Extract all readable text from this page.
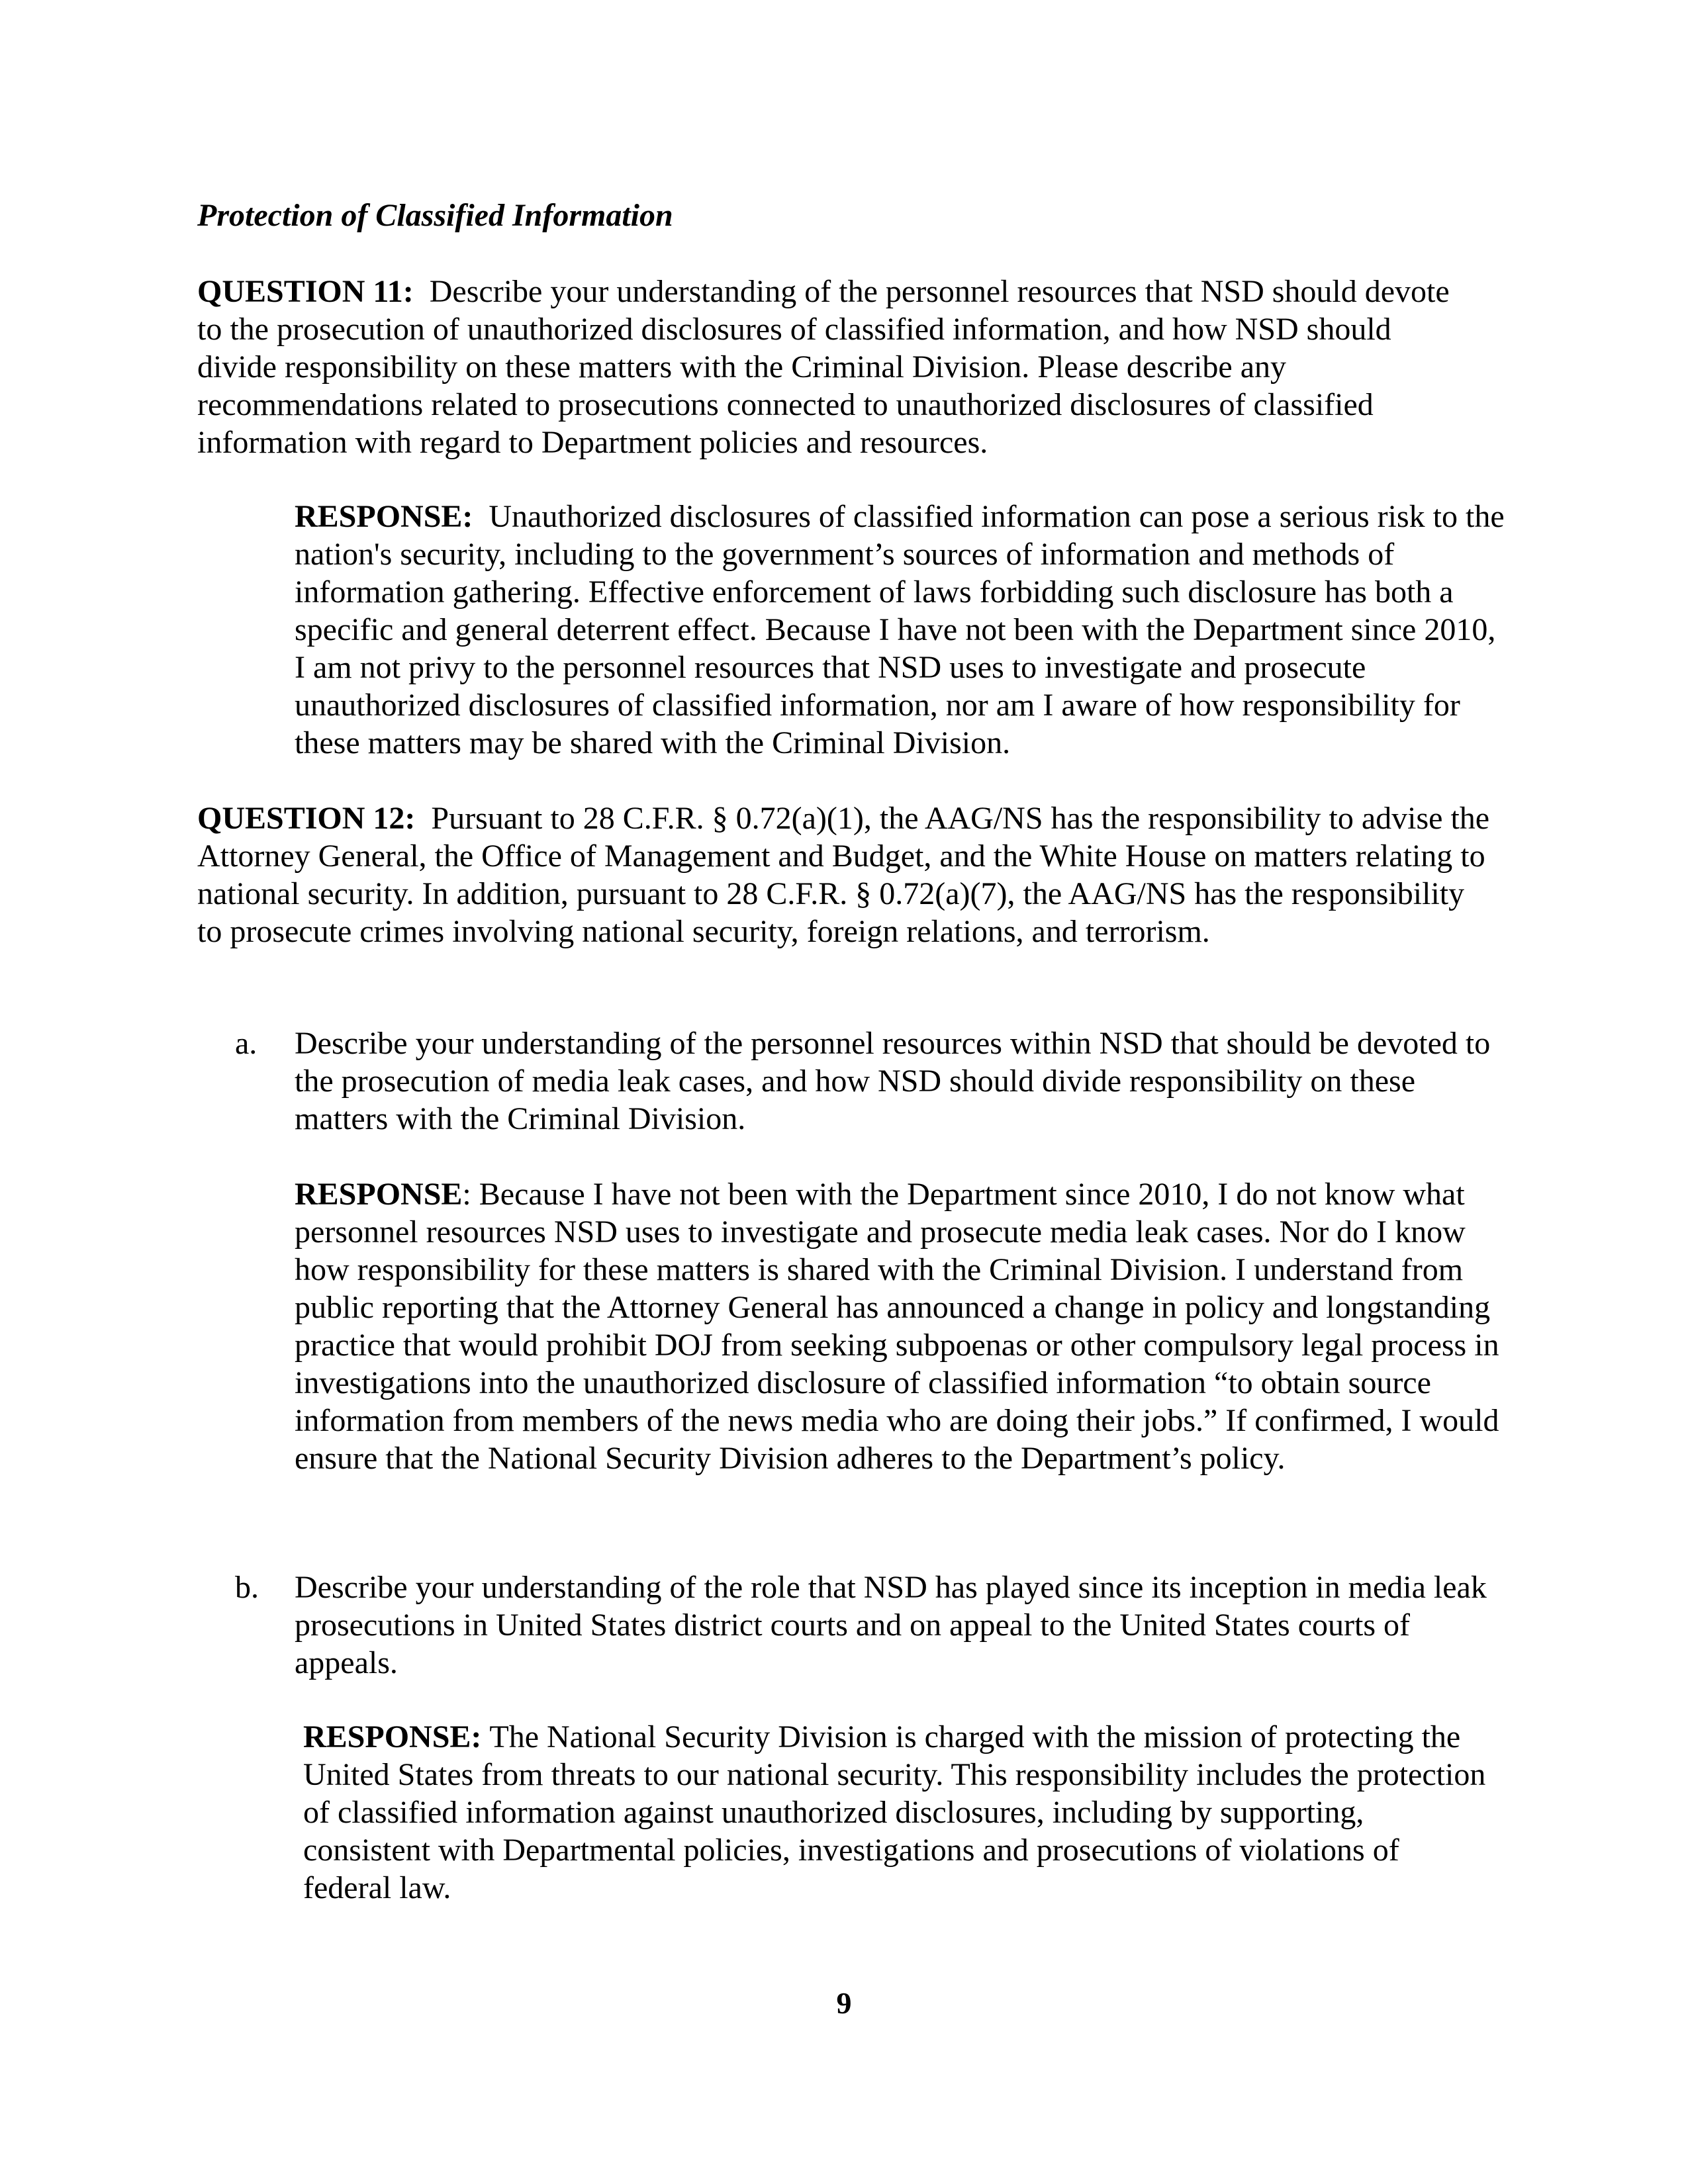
Protection of Classified Information

QUESTION 11: Describe your understanding of the personnel resources that NSD should devote to the prosecution of unauthorized disclosures of classified information, and how NSD should divide responsibility on these matters with the Criminal Division. Please describe any recommendations related to prosecutions connected to unauthorized disclosures of classified information with regard to Department policies and resources.

RESPONSE: Unauthorized disclosures of classified information can pose a serious risk to the nation's security, including to the government’s sources of information and methods of information gathering. Effective enforcement of laws forbidding such disclosure has both a specific and general deterrent effect. Because I have not been with the Department since 2010, I am not privy to the personnel resources that NSD uses to investigate and prosecute unauthorized disclosures of classified information, nor am I aware of how responsibility for these matters may be shared with the Criminal Division.

QUESTION 12: Pursuant to 28 C.F.R. § 0.72(a)(1), the AAG/NS has the responsibility to advise the Attorney General, the Office of Management and Budget, and the White House on matters relating to national security. In addition, pursuant to 28 C.F.R. § 0.72(a)(7), the AAG/NS has the responsibility to prosecute crimes involving national security, foreign relations, and terrorism.

a.	Describe your understanding of the personnel resources within NSD that should be devoted to the prosecution of media leak cases, and how NSD should divide responsibility on these matters with the Criminal Division.

RESPONSE: Because I have not been with the Department since 2010, I do not know what personnel resources NSD uses to investigate and prosecute media leak cases. Nor do I know how responsibility for these matters is shared with the Criminal Division. I understand from public reporting that the Attorney General has announced a change in policy and longstanding practice that would prohibit DOJ from seeking subpoenas or other compulsory legal process in investigations into the unauthorized disclosure of classified information “to obtain source information from members of the news media who are doing their jobs.” If confirmed, I would ensure that the National Security Division adheres to the Department’s policy.

b.	Describe your understanding of the role that NSD has played since its inception in media leak prosecutions in United States district courts and on appeal to the United States courts of appeals.

RESPONSE: The National Security Division is charged with the mission of protecting the United States from threats to our national security. This responsibility includes the protection of classified information against unauthorized disclosures, including by supporting, consistent with Departmental policies, investigations and prosecutions of violations of federal law.

9
